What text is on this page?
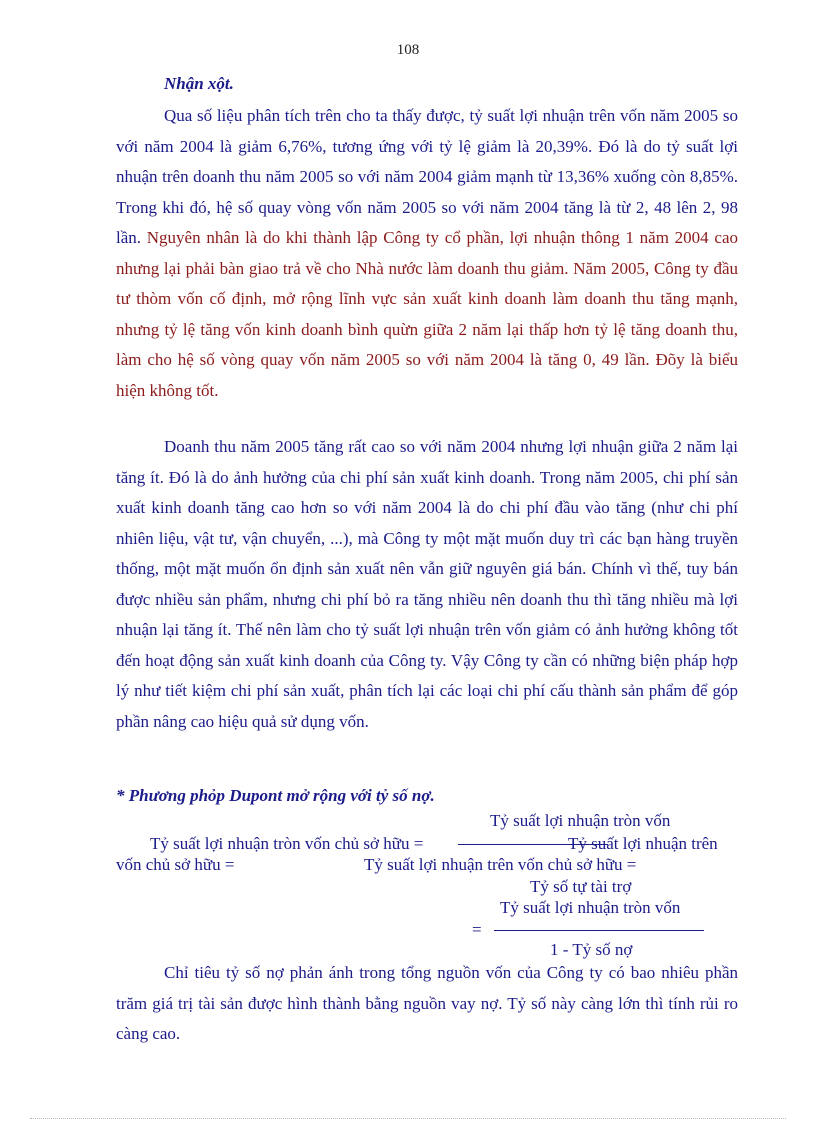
108
Nhận xột.

Qua số liệu phân tích trên cho ta thấy được, tỷ suất lợi nhuận trên vốn năm 2005 so với năm 2004 là giảm 6,76%, tương ứng với tỷ lệ giảm là 20,39%. Đó là do tỷ suất lợi nhuận trên doanh thu năm 2005 so với năm 2004 giảm mạnh từ 13,36% xuống còn 8,85%. Trong khi đó, hệ số quay vòng vốn năm 2005 so với năm 2004 tăng là từ 2, 48 lên 2, 98 lần. Nguyên nhân là do khi thành lập Công ty cổ phần, lợi nhuận thông 1 năm 2004 cao nhưng lại phải bàn giao trả về cho Nhà nước làm doanh thu giảm. Năm 2005, Công ty đầu tư thòm vốn cố định, mở rộng lĩnh vực sản xuất kinh doanh làm doanh thu tăng mạnh, nhưng tỷ lệ tăng vốn kinh doanh bình quừn giữa 2 năm lại thấp hơn tỷ lệ tăng doanh thu, làm cho hệ số vòng quay vốn năm 2005 so với năm 2004 là tăng 0, 49 lần. Đõy là biểu hiện không tốt.

Doanh thu năm 2005 tăng rất cao so với năm 2004 nhưng lợi nhuận giữa 2 năm lại tăng ít. Đó là do ảnh hưởng của chi phí sản xuất kinh doanh. Trong năm 2005, chi phí sản xuất kinh doanh tăng cao hơn so với năm 2004 là do chi phí đầu vào tăng (như chi phí nhiên liệu, vật tư, vận chuyển, ...), mà Công ty một mặt muốn duy trì các bạn hàng truyền thống, một mặt muốn ổn định sản xuất nên vẫn giữ nguyên giá bán. Chính vì thế, tuy bán được nhiều sản phẩm, nhưng chi phí bỏ ra tăng nhiều nên doanh thu thì tăng nhiều mà lợi nhuận lại tăng ít. Thế nên làm cho tỷ suất lợi nhuận trên vốn giảm có ảnh hưởng không tốt đến hoạt động sản xuất kinh doanh của Công ty. Vậy Công ty cần có những biện pháp hợp lý như tiết kiệm chi phí sản xuất, phân tích lại các loại chi phí cấu thành sản phẩm để góp phần nâng cao hiệu quả sử dụng vốn.

* Phương phỏp Dupont mở rộng với tỷ số nợ.
Tỷ suất lợi nhuận tròn vốn
Tỷ suất lợi nhuận tròn vốn chủ sở hữu =	Tỷ suất lợi nhuận trên
vốn chủ sở hữu =	Tỷ suất lợi nhuận trên vốn chủ sở hữu =
Tỷ số tự tài trợ
Tỷ suất lợi nhuận tròn vốn
=
1 - Tỷ số nợ

Chỉ tiêu tỷ số nợ phản ánh trong tổng nguồn vốn của Công ty có bao nhiêu phần trăm giá trị tài sản được hình thành bằng nguồn vay nợ. Tỷ số này càng lớn thì tính rủi ro càng cao.
